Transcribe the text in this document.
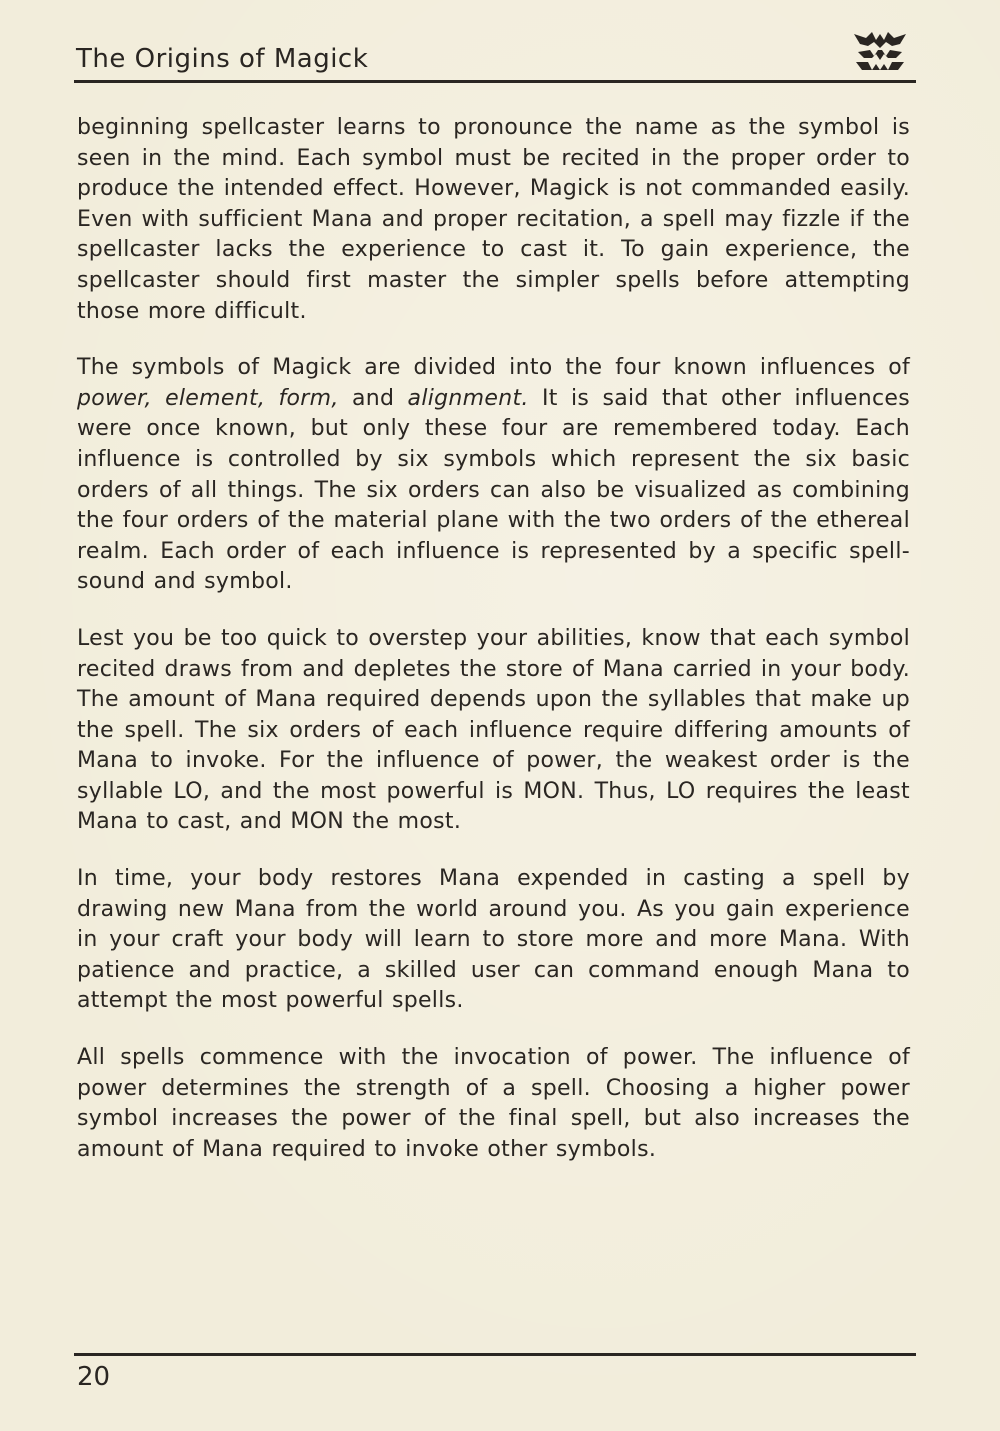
The Origins of Magick

beginning spellcaster learns to pronounce the name as the symbol is seen in the mind. Each symbol must be recited in the proper order to produce the intended effect. However, Magick is not commanded easily. Even with sufficient Mana and proper recitation, a spell may fizzle if the spellcaster lacks the experience to cast it. To gain experience, the spellcaster should first master the simpler spells before attempting those more difficult.

The symbols of Magick are divided into the four known influences of power, element, form, and alignment. It is said that other influences were once known, but only these four are remembered today. Each influence is controlled by six symbols which represent the six basic orders of all things. The six orders can also be visualized as combining the four orders of the material plane with the two orders of the ethereal realm. Each order of each influence is represented by a specific spell-sound and symbol.

Lest you be too quick to overstep your abilities, know that each symbol recited draws from and depletes the store of Mana carried in your body. The amount of Mana required depends upon the syllables that make up the spell. The six orders of each influence require differing amounts of Mana to invoke. For the influence of power, the weakest order is the syllable LO, and the most powerful is MON. Thus, LO requires the least Mana to cast, and MON the most.

In time, your body restores Mana expended in casting a spell by drawing new Mana from the world around you. As you gain experience in your craft your body will learn to store more and more Mana. With patience and practice, a skilled user can command enough Mana to attempt the most powerful spells.

All spells commence with the invocation of power. The influence of power determines the strength of a spell. Choosing a higher power symbol increases the power of the final spell, but also increases the amount of Mana required to invoke other symbols.

20
